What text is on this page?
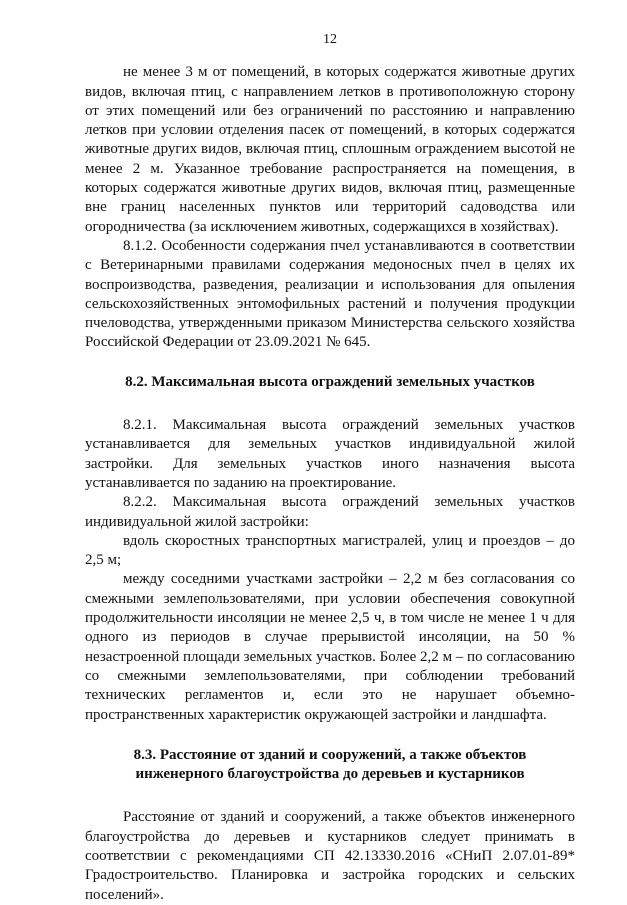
12

не менее 3 м от помещений, в которых содержатся животные других видов, включая птиц, с направлением летков в противоположную сторону от этих помещений или без ограничений по расстоянию и направлению летков при условии отделения пасек от помещений, в которых содержатся животные других видов, включая птиц, сплошным ограждением высотой не менее 2 м. Указанное требование распространяется на помещения, в которых содержатся животные других видов, включая птиц, размещенные вне границ населенных пунктов или территорий садоводства или огородничества (за исключением животных, содержащихся в хозяйствах).

8.1.2. Особенности содержания пчел устанавливаются в соответствии с Ветеринарными правилами содержания медоносных пчел в целях их воспроизводства, разведения, реализации и использования для опыления сельскохозяйственных энтомофильных растений и получения продукции пчеловодства, утвержденными приказом Министерства сельского хозяйства Российской Федерации от 23.09.2021 № 645.

8.2. Максимальная высота ограждений земельных участков

8.2.1. Максимальная высота ограждений земельных участков устанавливается для земельных участков индивидуальной жилой застройки. Для земельных участков иного назначения высота устанавливается по заданию на проектирование.

8.2.2. Максимальная высота ограждений земельных участков индивидуальной жилой застройки:

вдоль скоростных транспортных магистралей, улиц и проездов – до 2,5 м;

между соседними участками застройки – 2,2 м без согласования со смежными землепользователями, при условии обеспечения совокупной продолжительности инсоляции не менее 2,5 ч, в том числе не менее 1 ч для одного из периодов в случае прерывистой инсоляции, на 50 % незастроенной площади земельных участков. Более 2,2 м – по согласованию со смежными землепользователями, при соблюдении требований технических регламентов и, если это не нарушает объемно-пространственных характеристик окружающей застройки и ландшафта.

8.3. Расстояние от зданий и сооружений, а также объектов
инженерного благоустройства до деревьев и кустарников

Расстояние от зданий и сооружений, а также объектов инженерного благоустройства до деревьев и кустарников следует принимать в соответствии с рекомендациями СП 42.13330.2016 «СНиП 2.07.01-89* Градостроительство. Планировка и застройка городских и сельских поселений».
